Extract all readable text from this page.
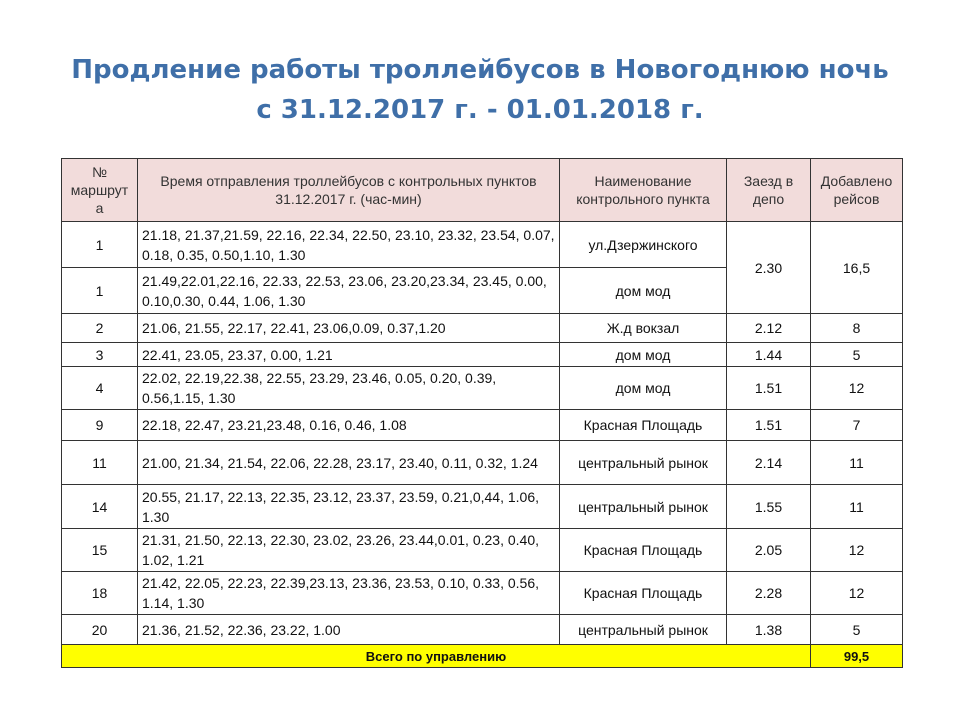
Продление работы троллейбусов в Новогоднюю ночь
с 31.12.2017 г. - 01.01.2018 г.
№ маршрут а	Время отправления троллейбусов с контрольных пунктов 31.12.2017 г. (час-мин)	Наименование контрольного пункта	Заезд в депо	Добавлено рейсов
1	21.18, 21.37,21.59, 22.16, 22.34, 22.50, 23.10, 23.32, 23.54, 0.07, 0.18, 0.35, 0.50,1.10, 1.30	ул.Дзержинского	2.30	16,5
1	21.49,22.01,22.16, 22.33, 22.53, 23.06, 23.20,23.34, 23.45, 0.00, 0.10,0.30, 0.44, 1.06, 1.30	дом мод		
2	21.06, 21.55, 22.17, 22.41, 23.06,0.09, 0.37,1.20	Ж.д вокзал	2.12	8
3	22.41, 23.05, 23.37, 0.00, 1.21	дом мод	1.44	5
4	22.02, 22.19,22.38, 22.55, 23.29, 23.46, 0.05, 0.20, 0.39, 0.56,1.15, 1.30	дом мод	1.51	12
9	22.18, 22.47, 23.21,23.48, 0.16, 0.46, 1.08	Красная Площадь	1.51	7
11	21.00, 21.34, 21.54, 22.06, 22.28, 23.17, 23.40, 0.11, 0.32, 1.24	центральный рынок	2.14	11
14	20.55, 21.17, 22.13, 22.35, 23.12, 23.37, 23.59, 0.21,0,44, 1.06, 1.30	центральный рынок	1.55	11
15	21.31, 21.50, 22.13, 22.30, 23.02, 23.26, 23.44,0.01, 0.23, 0.40, 1.02, 1.21	Красная Площадь	2.05	12
18	21.42, 22.05, 22.23, 22.39,23.13, 23.36, 23.53, 0.10, 0.33, 0.56, 1.14, 1.30	Красная Площадь	2.28	12
20	21.36, 21.52, 22.36, 23.22, 1.00	центральный рынок	1.38	5
Всего по управлению				99,5
